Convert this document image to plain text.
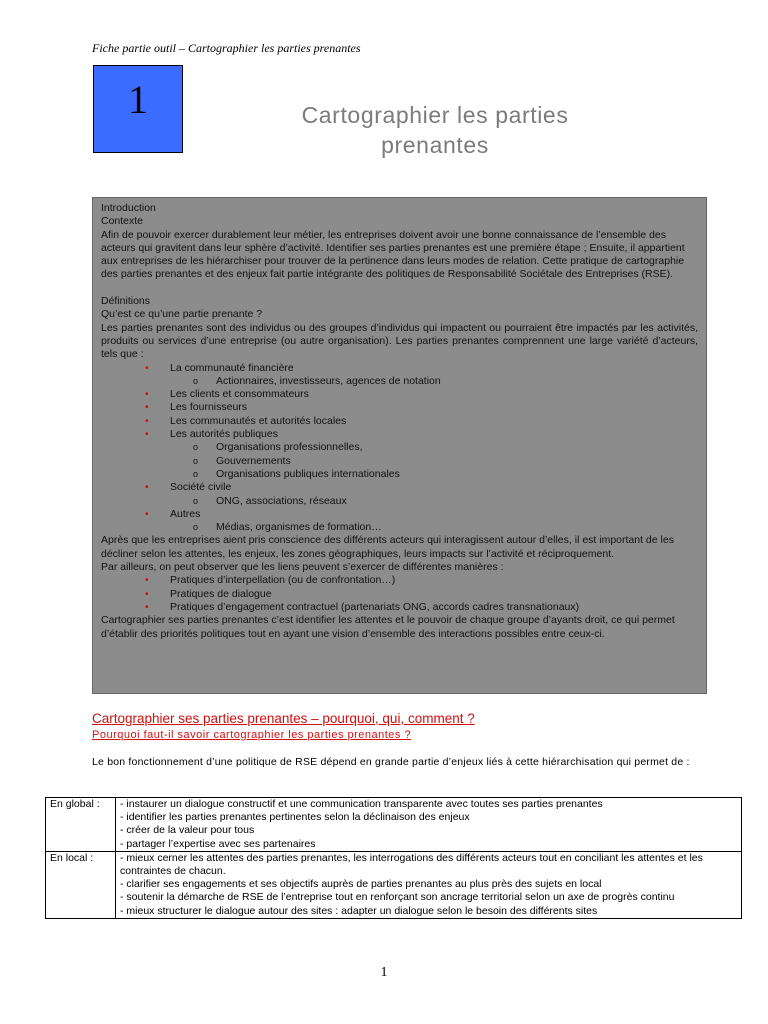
Fiche partie outil – Cartographier les parties prenantes
1	Cartographier les parties prenantes

Introduction

Contexte

Afin de pouvoir exercer durablement leur métier, les entreprises doivent avoir une bonne connaissance de l’ensemble des acteurs qui gravitent dans leur sphère d’activité. Identifier ses parties prenantes est une première étape ; Ensuite, il appartient aux entreprises de les hiérarchiser pour trouver de la pertinence dans leurs modes de relation. Cette pratique de cartographie des parties prenantes et des enjeux fait partie intégrante des politiques de Responsabilité Sociétale des Entreprises (RSE).

Définitions

Qu’est ce qu’une partie prenante ?

Les parties prenantes sont des individus ou des groupes d’individus qui impactent ou pourraient être impactés par les activités, produits ou services d’une entreprise (ou autre organisation). Les parties prenantes comprennent une large variété d’acteurs, tels que :

• La communauté financière
o Actionnaires, investisseurs, agences de notation
• Les clients et consommateurs
• Les fournisseurs
• Les communautés et autorités locales
• Les autorités publiques
o Organisations professionnelles,
o Gouvernements
o Organisations publiques internationales
• Société civile
o ONG, associations, réseaux
• Autres
o Médias, organismes de formation…

Après que les entreprises aient pris conscience des différents acteurs qui interagissent autour d’elles, il est important de les décliner selon les attentes, les enjeux, les zones géographiques, leurs impacts sur l’activité et réciproquement.

Par ailleurs, on peut observer que les liens peuvent s’exercer de différentes manières :

• Pratiques d’interpellation (ou de confrontation…)
• Pratiques de dialogue
• Pratiques d’engagement contractuel (partenariats ONG, accords cadres transnationaux)

Cartographier ses parties prenantes c’est identifier les attentes et le pouvoir de chaque groupe d’ayants droit, ce qui permet d’établir des priorités politiques tout en ayant une vision d’ensemble des interactions possibles entre ceux-ci.

Cartographier ses parties prenantes – pourquoi, qui, comment ?
Pourquoi faut-il savoir cartographier les parties prenantes ?
Le bon fonctionnement d’une politique de RSE dépend en grande partie d’enjeux liés à cette hiérarchisation qui permet de :
En global :	- instaurer un dialogue constructif et une communication transparente avec toutes ses parties prenantes
- identifier les parties prenantes pertinentes selon la déclinaison des enjeux
- créer de la valeur pour tous
- partager l’expertise avec ses partenaires

En local :	- mieux cerner les attentes des parties prenantes, les interrogations des différents acteurs tout en conciliant les attentes et les contraintes de chacun.
- clarifier ses engagements et ses objectifs auprès de parties prenantes au plus près des sujets en local
- soutenir la démarche de RSE de l’entreprise tout en renforçant son ancrage territorial selon un axe de progrès continu
- mieux structurer le dialogue autour des sites : adapter un dialogue selon le besoin des différents sites
1
